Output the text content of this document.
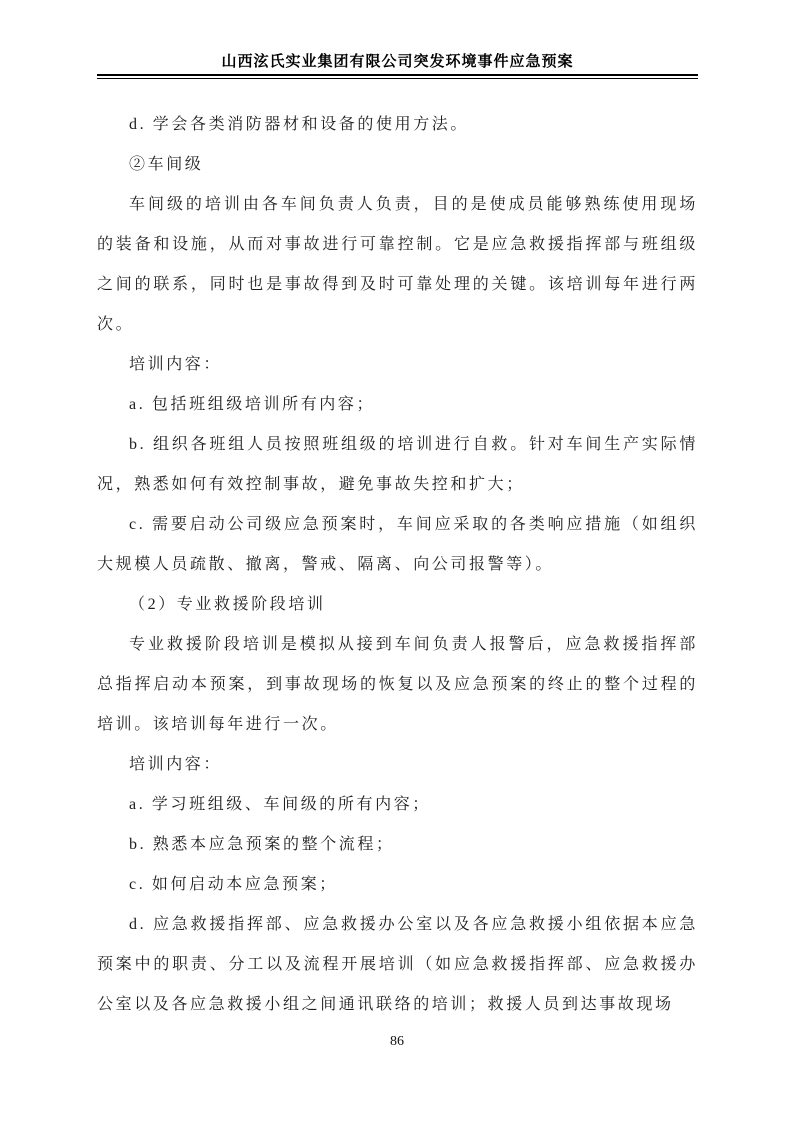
山西泫氏实业集团有限公司突发环境事件应急预案

d. 学会各类消防器材和设备的使用方法。

②车间级

车间级的培训由各车间负责人负责，目的是使成员能够熟练使用现场的装备和设施，从而对事故进行可靠控制。它是应急救援指挥部与班组级之间的联系，同时也是事故得到及时可靠处理的关键。该培训每年进行两次。

培训内容：

a. 包括班组级培训所有内容；

b. 组织各班组人员按照班组级的培训进行自救。针对车间生产实际情况，熟悉如何有效控制事故，避免事故失控和扩大；

c. 需要启动公司级应急预案时，车间应采取的各类响应措施（如组织大规模人员疏散、撤离，警戒、隔离、向公司报警等）。

（2）专业救援阶段培训

专业救援阶段培训是模拟从接到车间负责人报警后，应急救援指挥部总指挥启动本预案，到事故现场的恢复以及应急预案的终止的整个过程的培训。该培训每年进行一次。

培训内容：

a. 学习班组级、车间级的所有内容；

b. 熟悉本应急预案的整个流程；

c. 如何启动本应急预案；

d. 应急救援指挥部、应急救援办公室以及各应急救援小组依据本应急预案中的职责、分工以及流程开展培训（如应急救援指挥部、应急救援办公室以及各应急救援小组之间通讯联络的培训；救援人员到达事故现场

86
